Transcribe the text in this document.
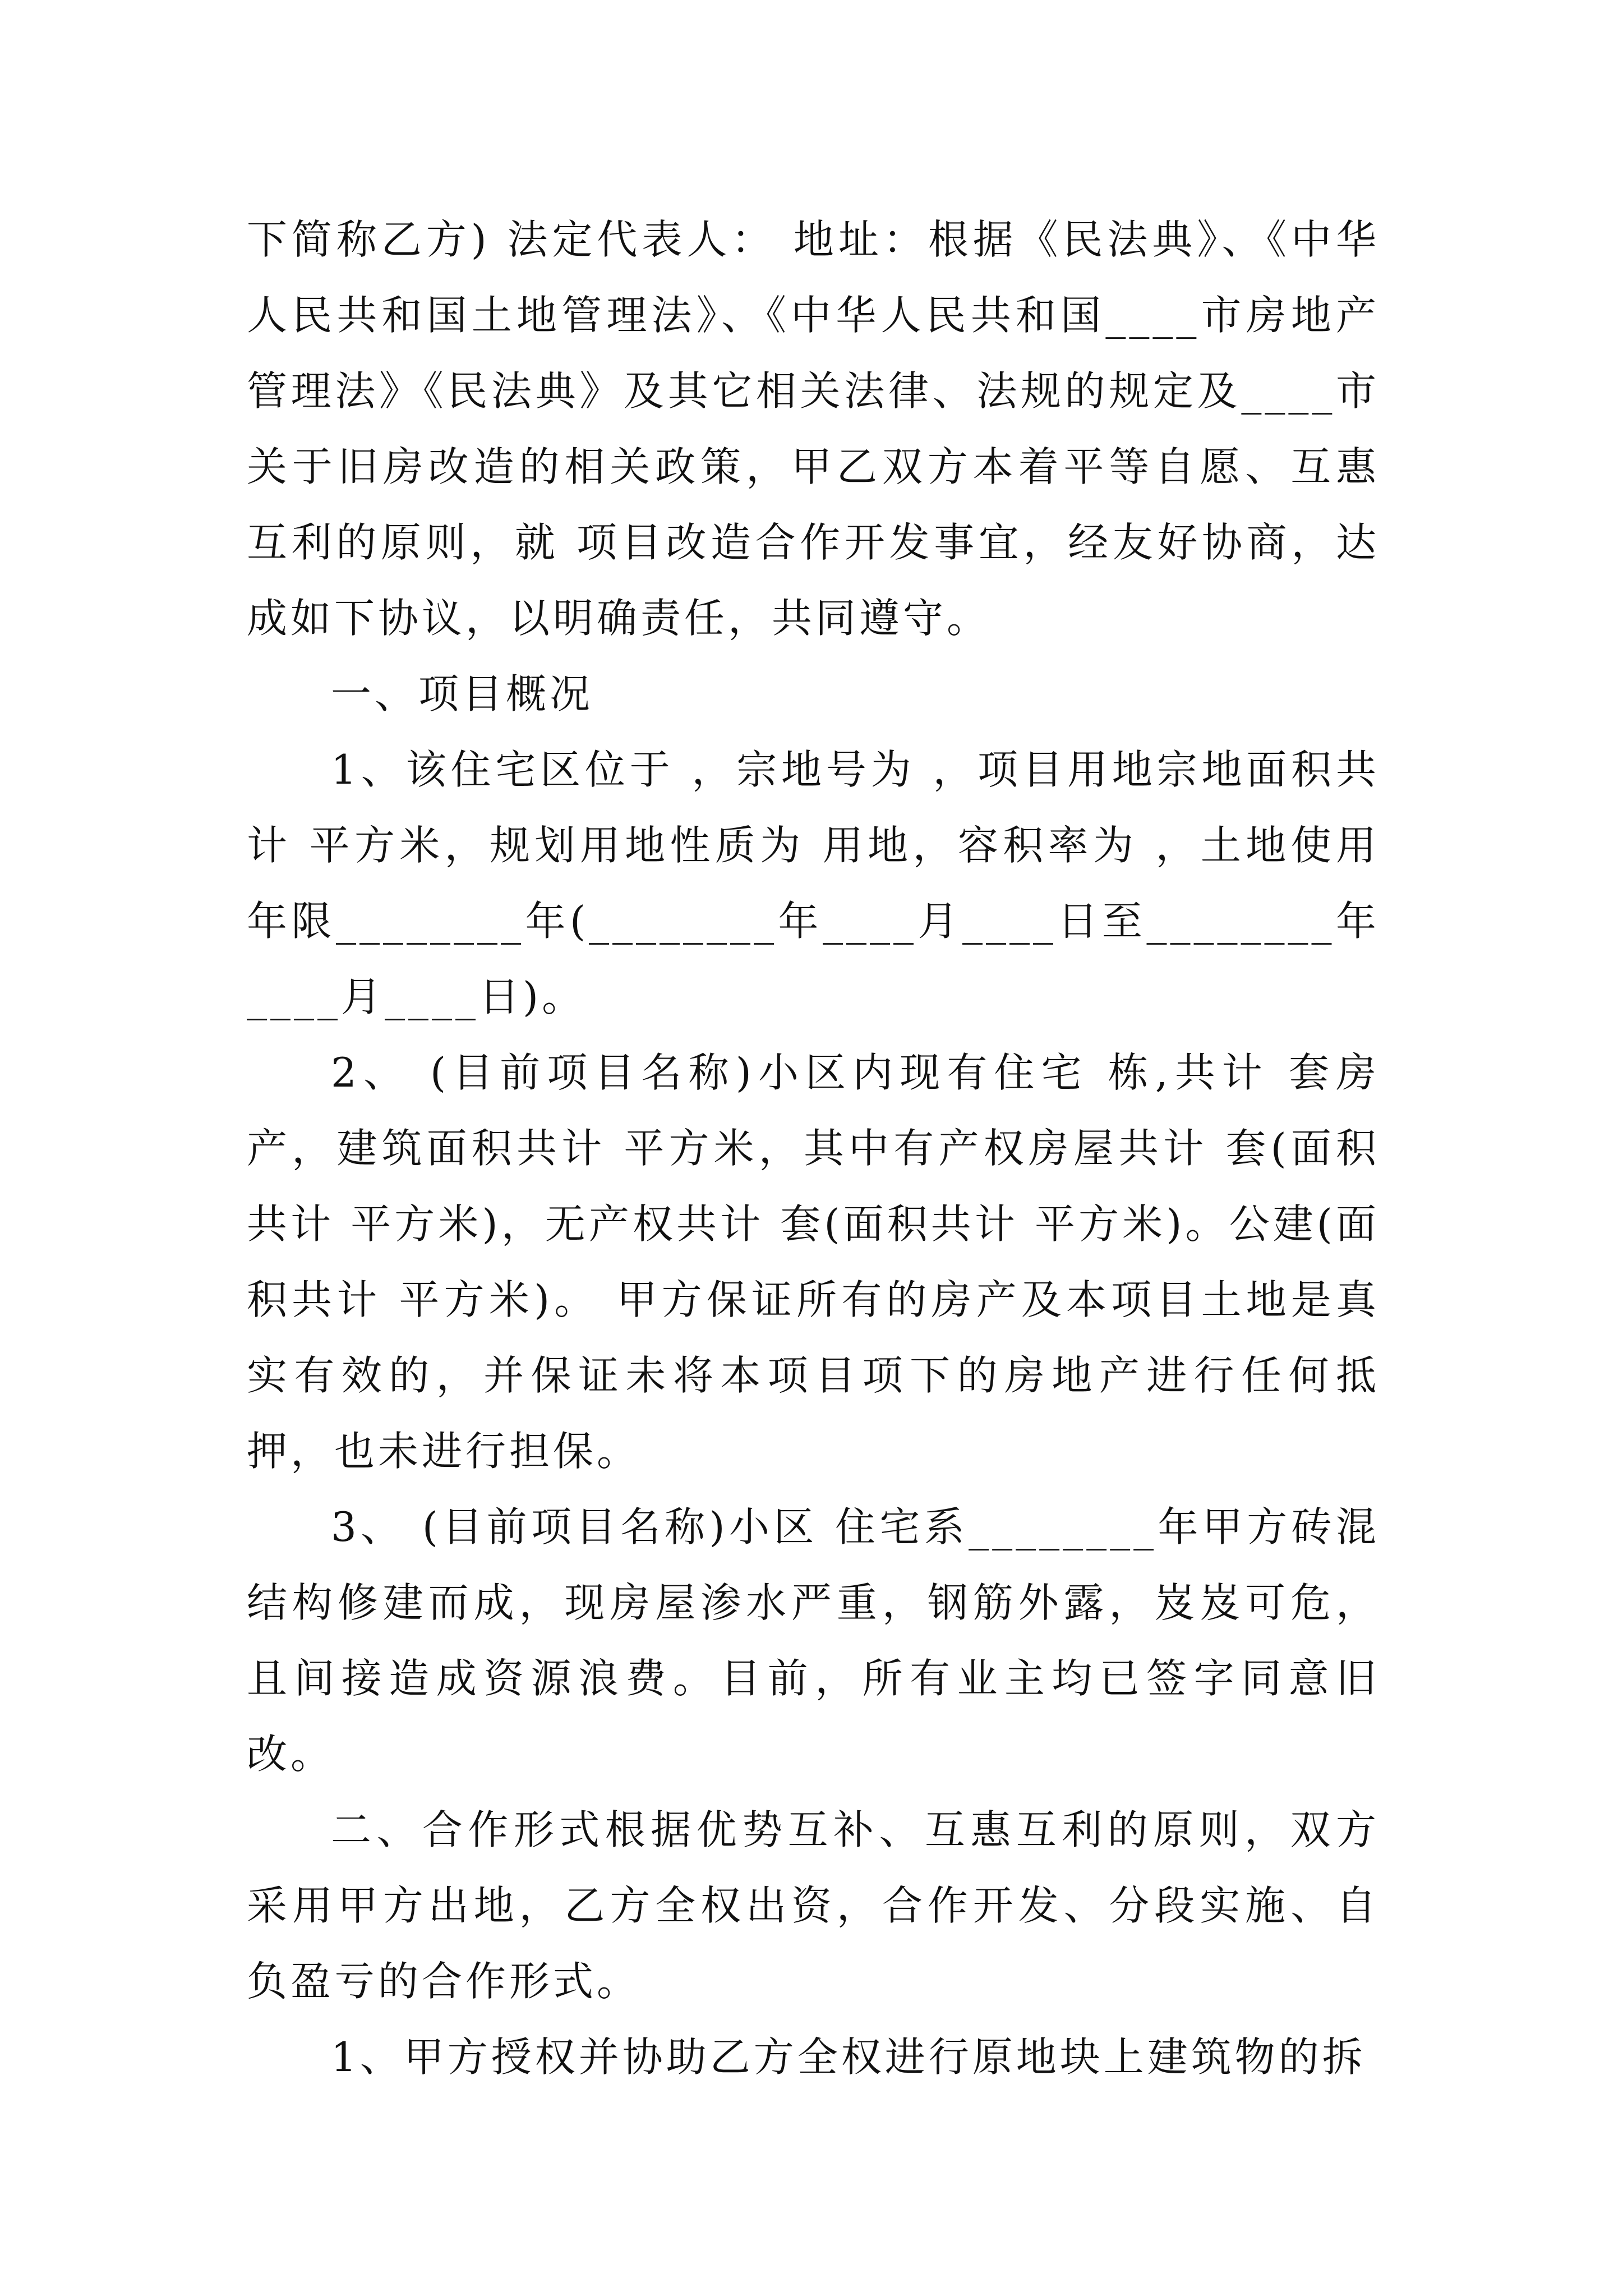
下简称乙方) 法定代表人： 地址：根据《民法典》、《中华人民共和国土地管理法》、《中华人民共和国____市房地产管理法》《民法典》及其它相关法律、法规的规定及____市关于旧房改造的相关政策，甲乙双方本着平等自愿、互惠互利的原则，就 项目改造合作开发事宜，经友好协商，达成如下协议，以明确责任，共同遵守。

一、项目概况

1、该住宅区位于 ，宗地号为 ，项目用地宗地面积共计 平方米，规划用地性质为 用地，容积率为 ，土地使用年限________年(________年____月____日至________年____月____日)。

2、 (目前项目名称)小区内现有住宅 栋,共计 套房产，建筑面积共计 平方米，其中有产权房屋共计 套(面积共计 平方米)，无产权共计 套(面积共计 平方米)。公建(面积共计 平方米)。 甲方保证所有的房产及本项目土地是真实有效的，并保证未将本项目项下的房地产进行任何抵押，也未进行担保。

3、 (目前项目名称)小区 住宅系________年甲方砖混结构修建而成，现房屋渗水严重，钢筋外露，岌岌可危，且间接造成资源浪费。目前，所有业主均已签字同意旧改。

二、合作形式根据优势互补、互惠互利的原则，双方采用甲方出地，乙方全权出资，合作开发、分段实施、自负盈亏的合作形式。

1、甲方授权并协助乙方全权进行原地块上建筑物的拆
